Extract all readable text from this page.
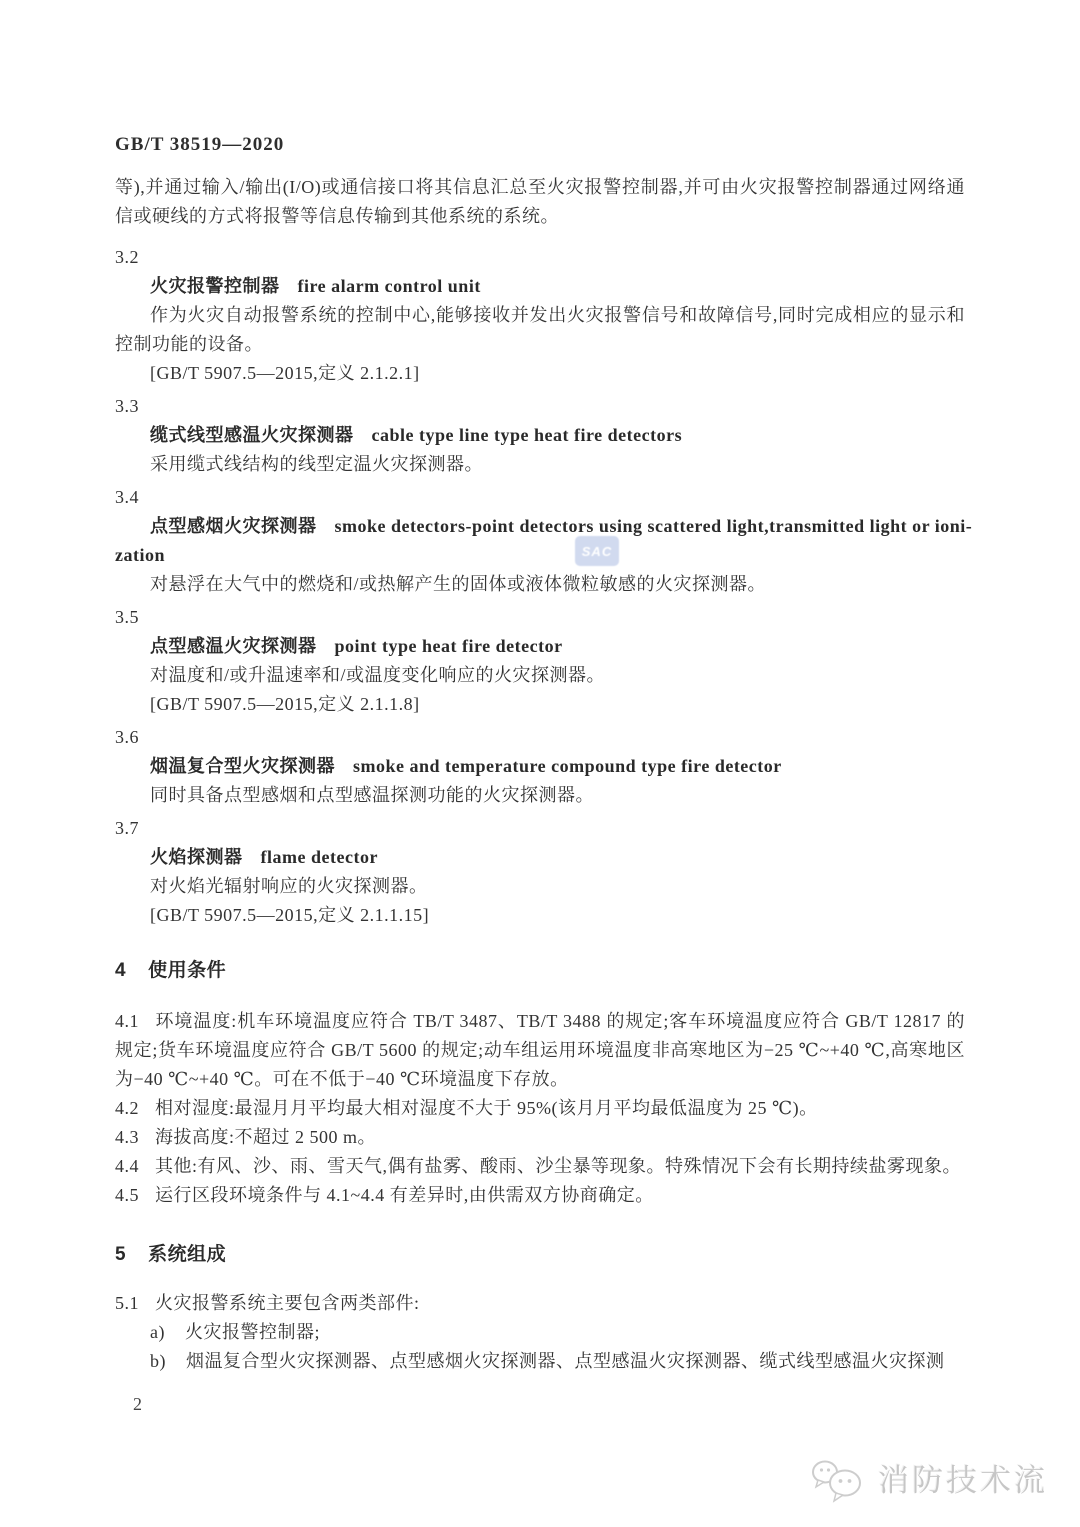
GB/T 38519—2020

等),并通过输入/输出(I/O)或通信接口将其信息汇总至火灾报警控制器,并可由火灾报警控制器通过网络通信或硬线的方式将报警等信息传输到其他系统的系统。

3.2
火灾报警控制器 fire alarm control unit

作为火灾自动报警系统的控制中心,能够接收并发出火灾报警信号和故障信号,同时完成相应的显示和控制功能的设备。

[GB/T 5907.5—2015,定义 2.1.2.1]
3.3
缆式线型感温火灾探测器 cable type line type heat fire detectors

采用缆式线结构的线型定温火灾探测器。

3.4
点型感烟火灾探测器 smoke detectors-point detectors using scattered light,transmitted light or ioni-
zation

对悬浮在大气中的燃烧和/或热解产生的固体或液体微粒敏感的火灾探测器。

3.5
点型感温火灾探测器 point type heat fire detector

对温度和/或升温速率和/或温度变化响应的火灾探测器。

[GB/T 5907.5—2015,定义 2.1.1.8]
3.6
烟温复合型火灾探测器 smoke and temperature compound type fire detector

同时具备点型感烟和点型感温探测功能的火灾探测器。

3.7
火焰探测器 flame detector

对火焰光辐射响应的火灾探测器。

[GB/T 5907.5—2015,定义 2.1.1.15]
4 使用条件

4.1 环境温度:机车环境温度应符合 TB/T 3487、TB/T 3488 的规定;客车环境温度应符合 GB/T 12817 的规定;货车环境温度应符合 GB/T 5600 的规定;动车组运用环境温度非高寒地区为−25 ℃~+40 ℃,高寒地区为−40 ℃~+40 ℃。可在不低于−40 ℃环境温度下存放。

4.2 相对湿度:最湿月月平均最大相对湿度不大于 95%(该月月平均最低温度为 25 ℃)。

4.3 海拔高度:不超过 2 500 m。

4.4 其他:有风、沙、雨、雪天气,偶有盐雾、酸雨、沙尘暴等现象。特殊情况下会有长期持续盐雾现象。

4.5 运行区段环境条件与 4.1~4.4 有差异时,由供需双方协商确定。

5 系统组成

5.1 火灾报警系统主要包含两类部件:

a) 火灾报警控制器;
b) 烟温复合型火灾探测器、点型感烟火灾探测器、点型感温火灾探测器、缆式线型感温火灾探测
2
SAC
消防技术流
